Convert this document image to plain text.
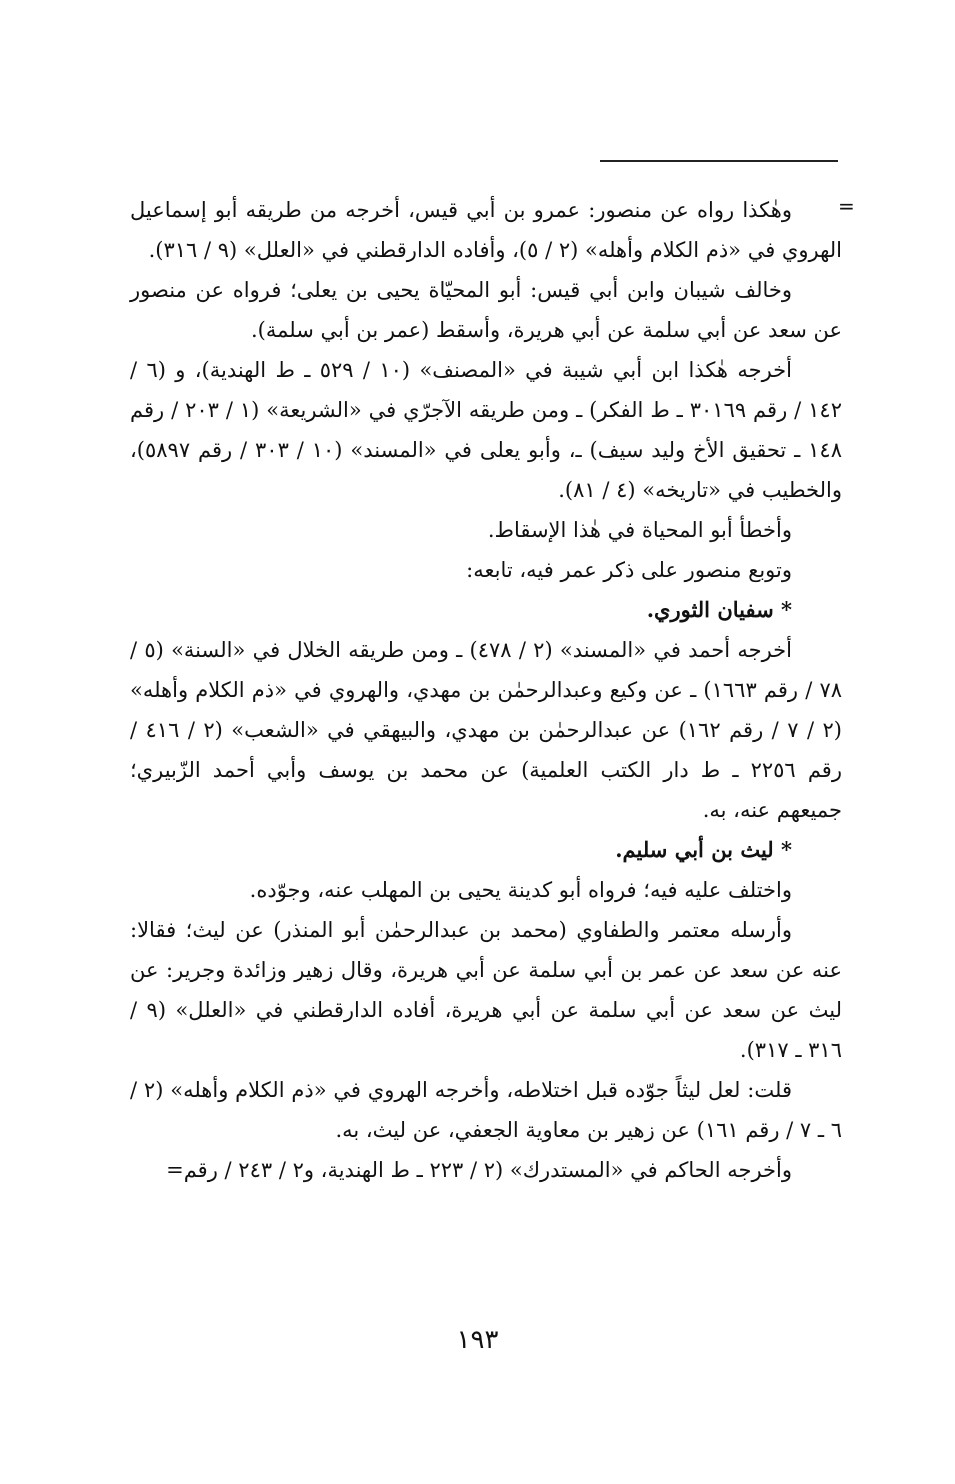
=

وهٰكذا رواه عن منصور: عمرو بن أبي قيس، أخرجه من طريقه أبو إسماعيل الهروي في «ذم الكلام وأهله» (٢ / ٥)، وأفاده الدارقطني في «العلل» (٩ / ٣١٦).

وخالف شيبان وابن أبي قيس: أبو المحيّاة يحيى بن يعلى؛ فرواه عن منصور عن سعد عن أبي سلمة عن أبي هريرة، وأسقط (عمر بن أبي سلمة).

أخرجه هٰكذا ابن أبي شيبة في «المصنف» (١٠ / ٥٢٩ ـ ط الهندية)، و (٦ / ١٤٢ / رقم ٣٠١٦٩ ـ ط الفكر) ـ ومن طريقه الآجرّي في «الشريعة» (١ / ٢٠٣ / رقم ١٤٨ ـ تحقيق الأخ وليد سيف) ـ، وأبو يعلى في «المسند» (١٠ / ٣٠٣ / رقم ٥٨٩٧)، والخطيب في «تاريخه» (٤ / ٨١).

وأخطأ أبو المحياة في هٰذا الإسقاط.

وتوبع منصور على ذكر عمر فيه، تابعه:

* سفيان الثوري.

أخرجه أحمد في «المسند» (٢ / ٤٧٨) ـ ومن طريقه الخلال في «السنة» (٥ / ٧٨ / رقم ١٦٦٣) ـ عن وكيع وعبدالرحمٰن بن مهدي، والهروي في «ذم الكلام وأهله» (٢ / ٧ / رقم ١٦٢) عن عبدالرحمٰن بن مهدي، والبيهقي في «الشعب» (٢ / ٤١٦ / رقم ٢٢٥٦ ـ ط دار الكتب العلمية) عن محمد بن يوسف وأبي أحمد الزّبيري؛ جميعهم عنه، به.

* ليث بن أبي سليم.

واختلف عليه فيه؛ فرواه أبو كدينة يحيى بن المهلب عنه، وجوّده.

وأرسله معتمر والطفاوي (محمد بن عبدالرحمٰن أبو المنذر) عن ليث؛ فقالا: عنه عن سعد عن عمر بن أبي سلمة عن أبي هريرة، وقال زهير وزائدة وجرير: عن ليث عن سعد عن أبي سلمة عن أبي هريرة، أفاده الدارقطني في «العلل» (٩ / ٣١٦ ـ ٣١٧).

قلت: لعل ليثاً جوّده قبل اختلاطه، وأخرجه الهروي في «ذم الكلام وأهله» (٢ / ٦ ـ ٧ / رقم ١٦١) عن زهير بن معاوية الجعفي، عن ليث، به.

وأخرجه الحاكم في «المستدرك» (٢ / ٢٢٣ ـ ط الهندية، و٢ / ٢٤٣ / رقم=

١٩٣
